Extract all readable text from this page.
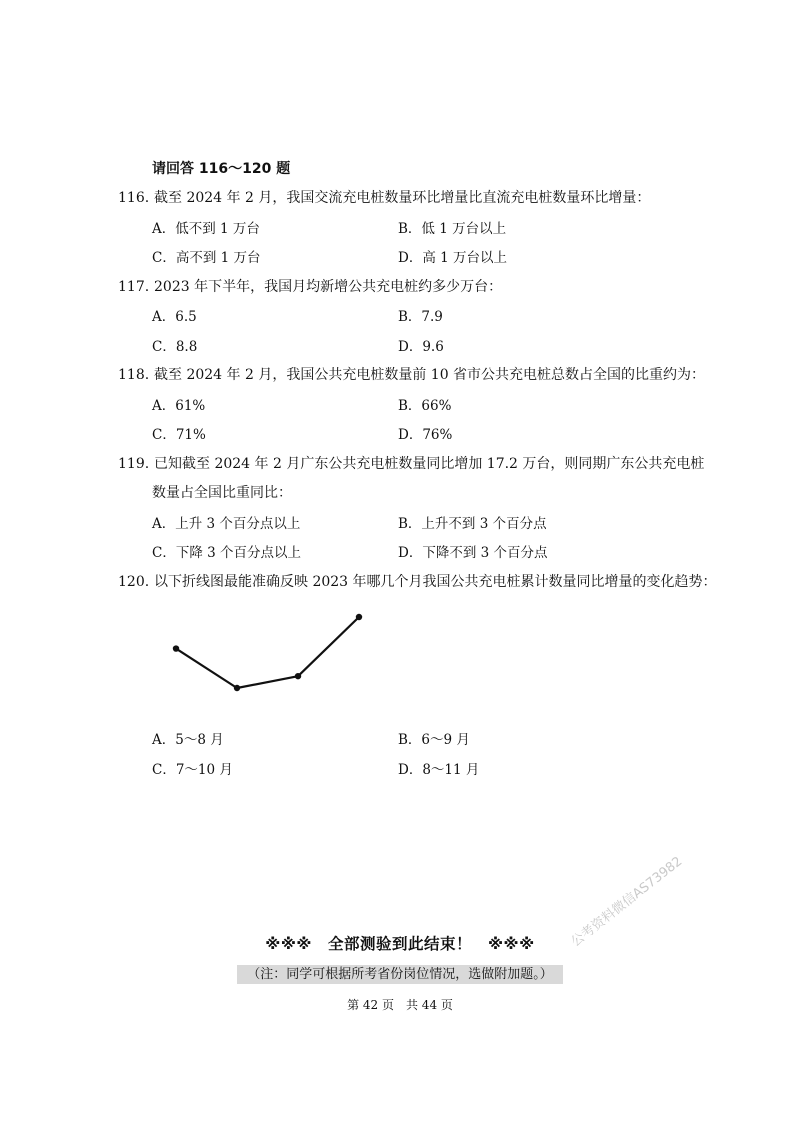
请回答 116～120 题
116. 截至 2024 年 2 月，我国交流充电桩数量环比增量比直流充电桩数量环比增量：
A．低不到 1 万台	B．低 1 万台以上
C．高不到 1 万台	D．高 1 万台以上
117. 2023 年下半年，我国月均新增公共充电桩约多少万台：
A．6.5	B．7.9
C．8.8	D．9.6
118. 截至 2024 年 2 月，我国公共充电桩数量前 10 省市公共充电桩总数占全国的比重约为：
A．61%	B．66%
C．71%	D．76%
119. 已知截至 2024 年 2 月广东公共充电桩数量同比增加 17.2 万台，则同期广东公共充电桩
数量占全国比重同比：
A．上升 3 个百分点以上	B．上升不到 3 个百分点
C．下降 3 个百分点以上	D．下降不到 3 个百分点
120. 以下折线图最能准确反映 2023 年哪几个月我国公共充电桩累计数量同比增量的变化趋势：
A．5～8 月	B．6～9 月
C．7～10 月	D．8～11 月
公考资料微信AS73982
※※※　全部测验到此结束！　※※※
（注：同学可根据所考省份岗位情况，选做附加题。）
第 42 页　共 44 页
